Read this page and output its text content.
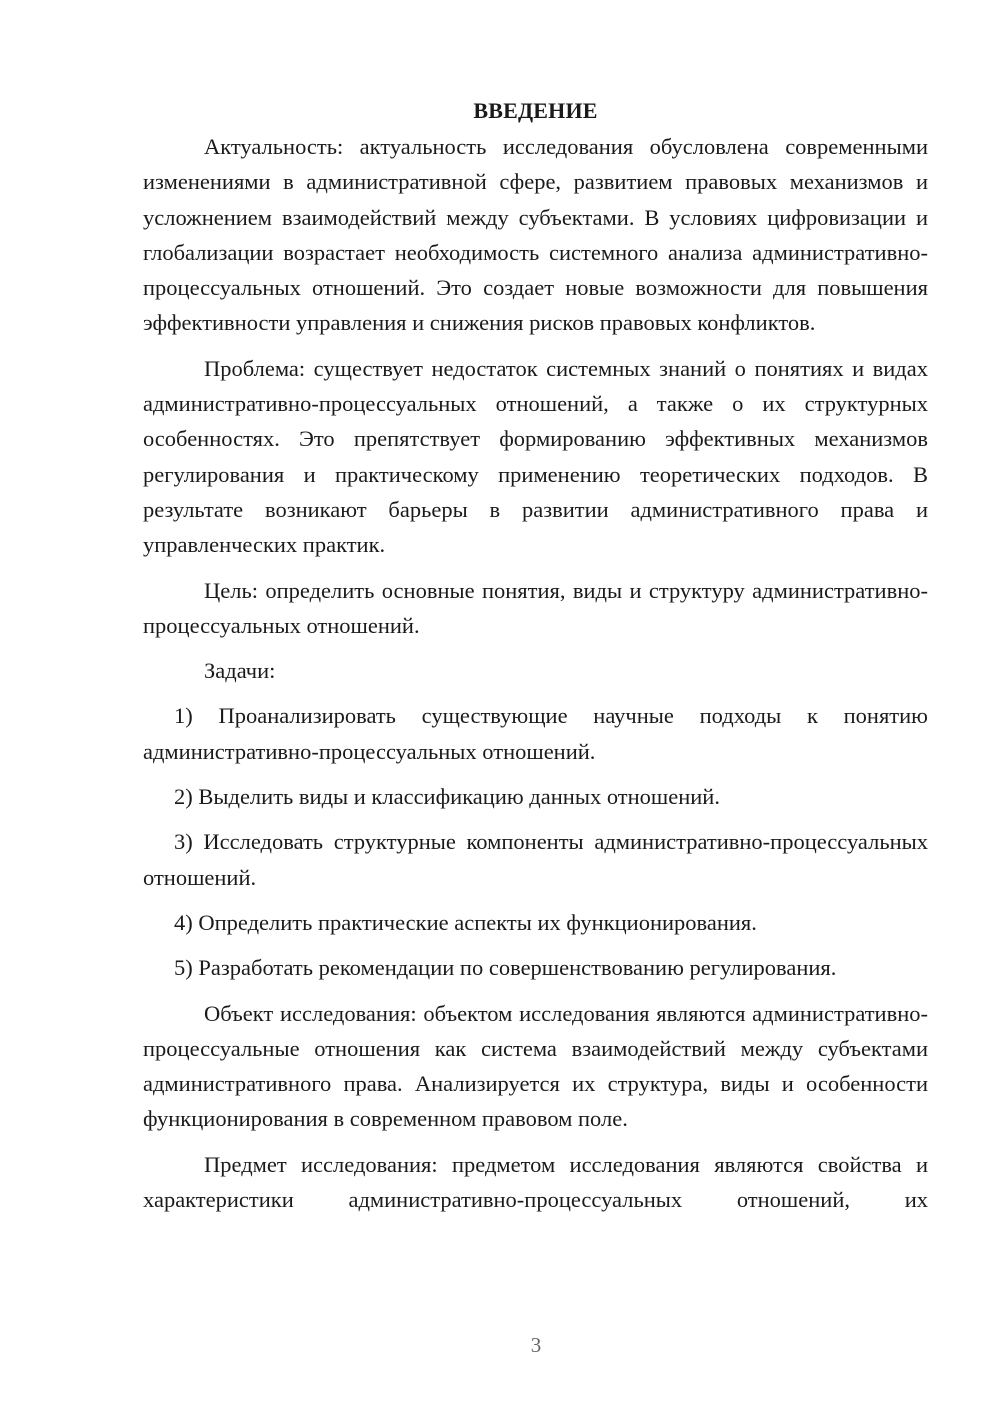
ВВЕДЕНИЕ

Актуальность: актуальность исследования обусловлена современными изменениями в административной сфере, развитием правовых механизмов и усложнением взаимодействий между субъектами. В условиях цифровизации и глобализации возрастает необходимость системного анализа административно-процессуальных отношений. Это создает новые возможности для повышения эффективности управления и снижения рисков правовых конфликтов.

Проблема: существует недостаток системных знаний о понятиях и видах административно-процессуальных отношений, а также о их структурных особенностях. Это препятствует формированию эффективных механизмов регулирования и практическому применению теоретических подходов. В результате возникают барьеры в развитии административного права и управленческих практик.

Цель: определить основные понятия, виды и структуру административно-процессуальных отношений.

Задачи:

1) Проанализировать существующие научные подходы к понятию административно-процессуальных отношений.

2) Выделить виды и классификацию данных отношений.

3) Исследовать структурные компоненты административно-процессуальных отношений.

4) Определить практические аспекты их функционирования.

5) Разработать рекомендации по совершенствованию регулирования.

Объект исследования: объектом исследования являются административно-процессуальные отношения как система взаимодействий между субъектами административного права. Анализируется их структура, виды и особенности функционирования в современном правовом поле.

Предмет исследования: предметом исследования являются свойства и характеристики административно-процессуальных отношений, их

3
